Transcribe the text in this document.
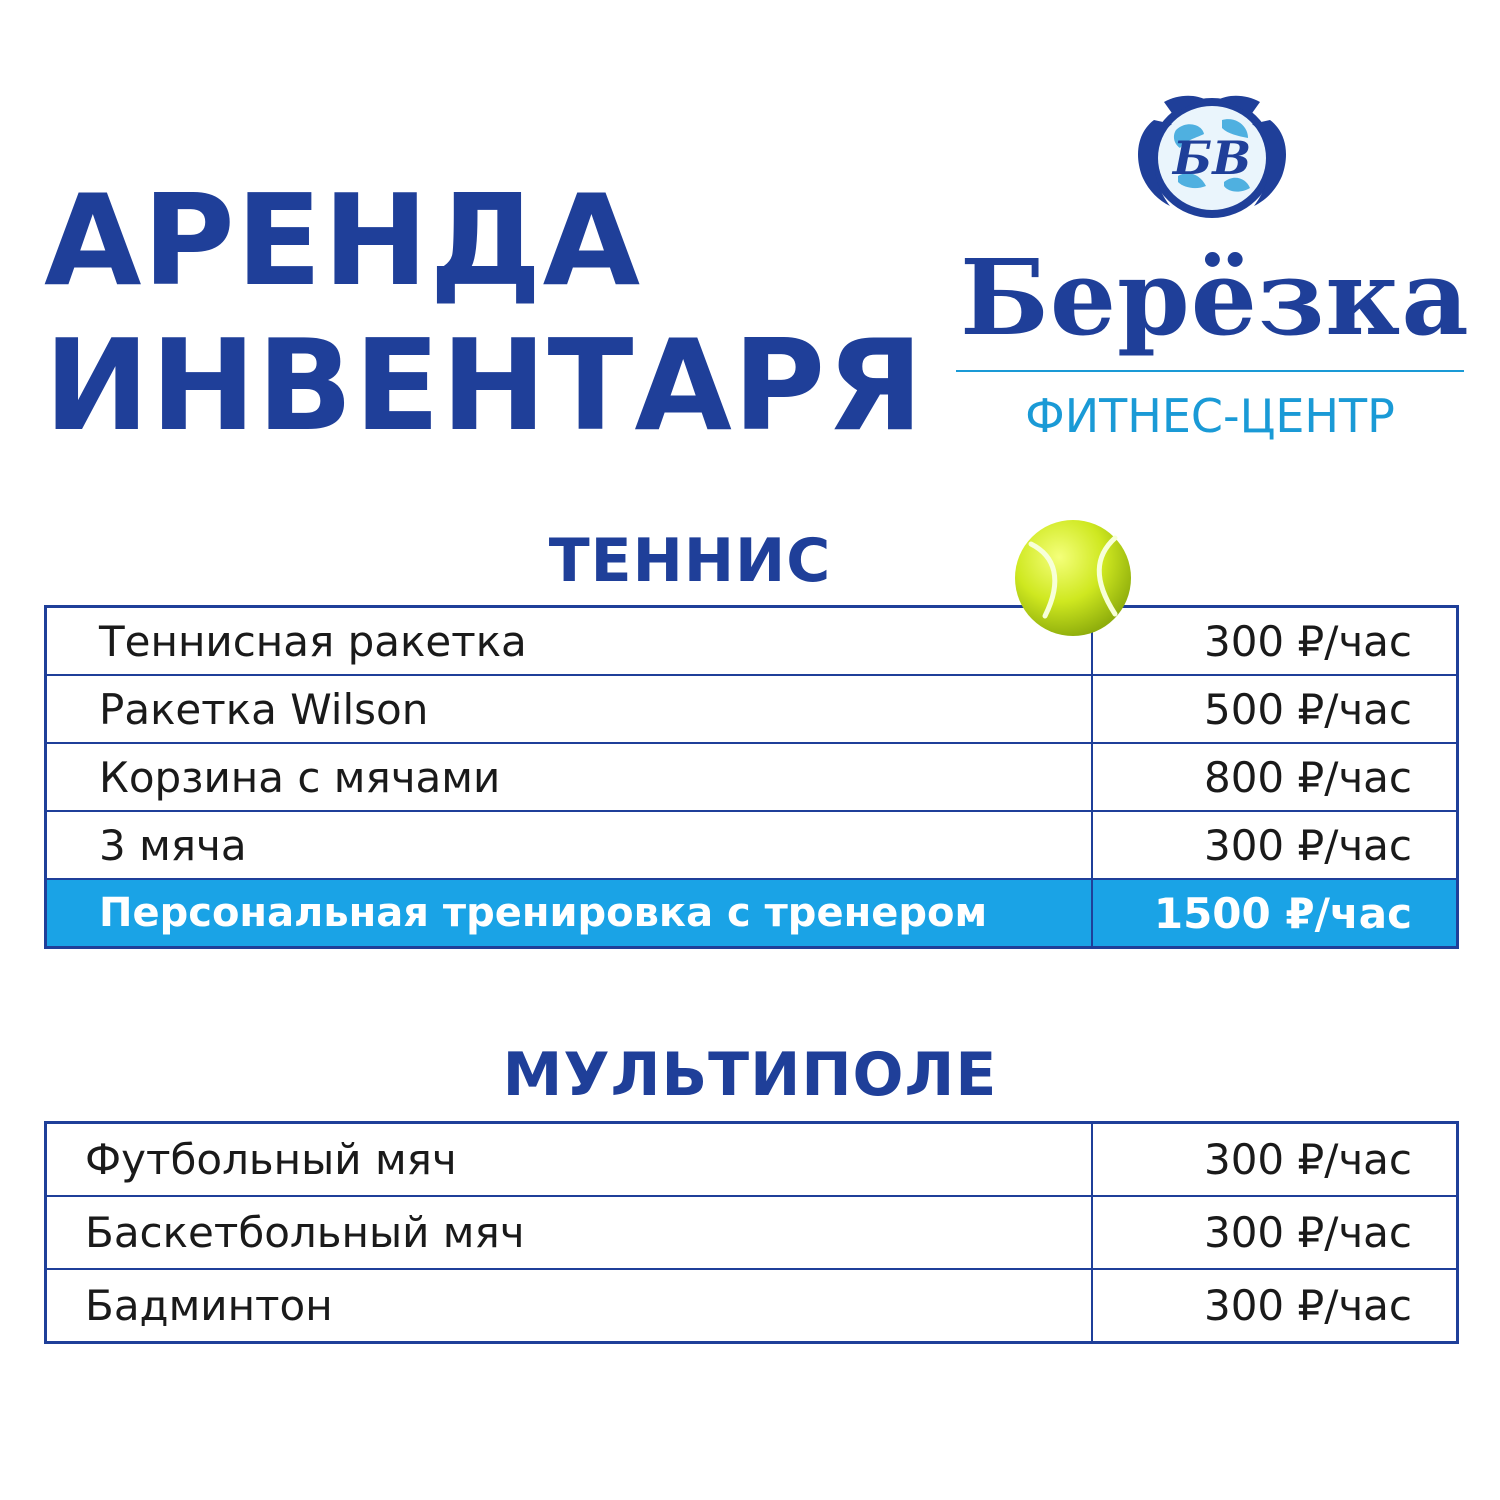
АРЕНДА
ИНВЕНТАРЯ
БВ
Берёзка
ФИТНЕС-ЦЕНТР
ТЕННИС
Теннисная ракетка	300 ₽/час
Ракетка Wilson	500 ₽/час
Корзина с мячами	800 ₽/час
3 мяча	300 ₽/час
Персональная тренировка с тренером	1500 ₽/час
МУЛЬТИПОЛЕ
Футбольный мяч	300 ₽/час
Баскетбольный мяч	300 ₽/час
Бадминтон	300 ₽/час
